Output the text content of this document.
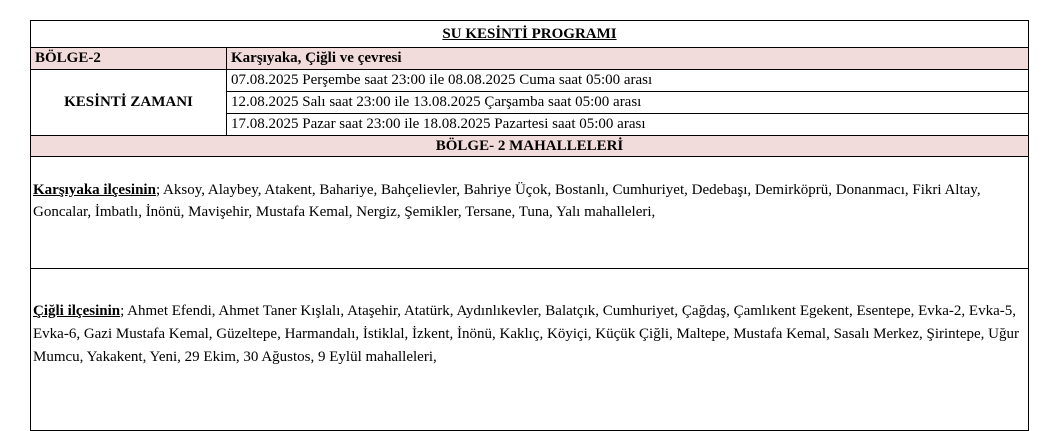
SU KESİNTİ PROGRAMI	
BÖLGE-2	Karşıyaka, Çiğli ve çevresi
KESİNTİ ZAMANI	07.08.2025 Perşembe saat 23:00 ile 08.08.2025 Cuma saat 05:00 arası
	12.08.2025 Salı saat 23:00 ile 13.08.2025 Çarşamba saat 05:00 arası
	17.08.2025 Pazar saat 23:00 ile 18.08.2025 Pazartesi saat 05:00 arası
BÖLGE- 2 MAHALLELERİ	
Karşıyaka ilçesinin; Aksoy, Alaybey, Atakent, Bahariye, Bahçelievler, Bahriye Üçok, Bostanlı, Cumhuriyet, Dedebaşı, Demirköprü, Donanmacı, Fikri Altay, Goncalar, İmbatlı, İnönü, Mavişehir, Mustafa Kemal, Nergiz, Şemikler, Tersane, Tuna, Yalı mahalleleri,	
Çiğli ilçesinin; Ahmet Efendi, Ahmet Taner Kışlalı, Ataşehir, Atatürk, Aydınlıkevler, Balatçık, Cumhuriyet, Çağdaş, Çamlıkent Egekent, Esentepe, Evka-2, Evka-5, Evka-6, Gazi Mustafa Kemal, Güzeltepe, Harmandalı, İstiklal, İzkent, İnönü, Kaklıç, Köyiçi, Küçük Çiğli, Maltepe, Mustafa Kemal, Sasalı Merkez, Şirintepe, Uğur Mumcu, Yakakent, Yeni, 29 Ekim, 30 Ağustos, 9 Eylül mahalleleri,	
